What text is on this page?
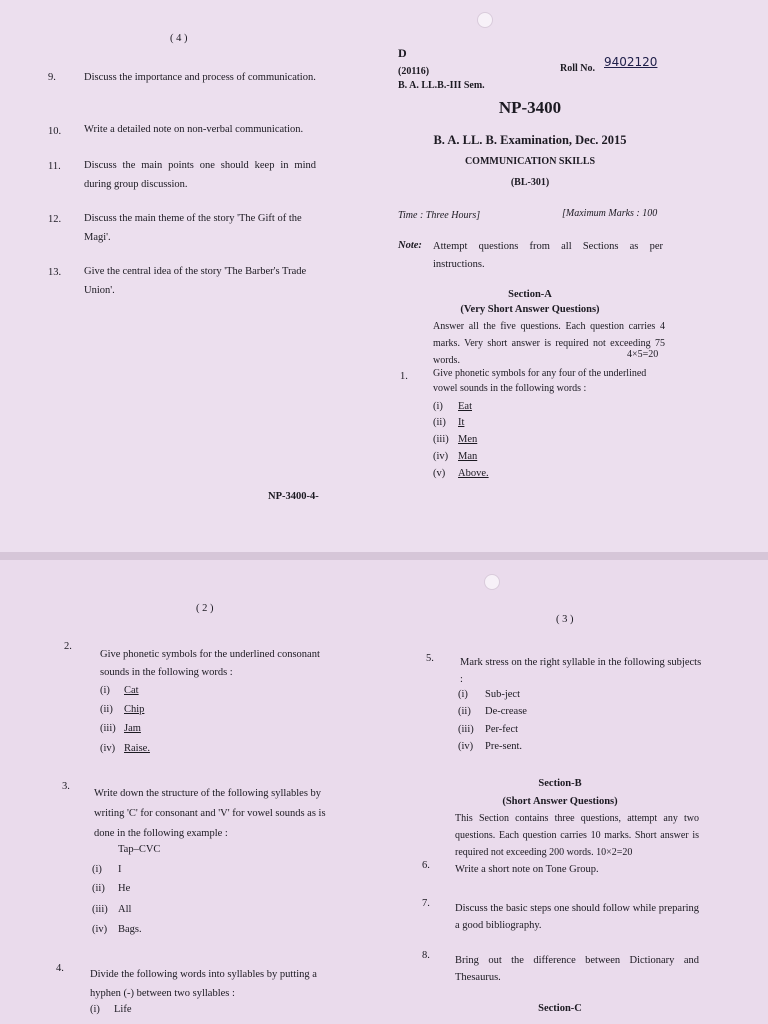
( 4 )
9.	Discuss the importance and process of communication.
10. Write a detailed note on non-verbal communication.
11. Discuss the main points one should keep in mind during group discussion.
12. Discuss the main theme of the story 'The Gift of the Magi'.
13. Give the central idea of the story 'The Barber's Trade Union'.
NP-3400-4-
D
(20116)
B. A. LL.B.-III Sem.
Roll No. 9402120
NP-3400
B. A. LL. B. Examination, Dec. 2015
COMMUNICATION SKILLS
(BL-301)
Time : Three Hours]	[Maximum Marks : 100
Note: Attempt questions from all Sections as per instructions.
Section-A
(Very Short Answer Questions)
Answer all the five questions. Each question carries 4 marks. Very short answer is required not exceeding 75 words.
4×5=20
1.	Give phonetic symbols for any four of the underlined vowel sounds in the following words :
(i) Eat
(ii) It
(iii) Men
(iv) Man
(v) Above.
( 2 )
2.
Give phonetic symbols for the underlined consonant sounds in the following words :
(i) Cat
(ii) Chip
(iii) Jam
(iv) Raise.
3.
Write down the structure of the following syllables by writing 'C' for consonant and 'V' for vowel sounds as is done in the following example :
Tap–CVC
(i) I
(ii) He
(iii) All
(iv) Bags.
4.
Divide the following words into syllables by putting a hyphen (-) between two syllables :
(i) Life
( 3 )
5. Mark stress on the right syllable in the following subjects :
(i) Sub-ject
(ii) De-crease
(iii) Per-fect
(iv) Pre-sent.
Section-B
(Short Answer Questions)
This Section contains three questions, attempt any two questions. Each question carries 10 marks. Short answer is required not exceeding 200 words. 10×2=20
6. Write a short note on Tone Group.
7. Discuss the basic steps one should follow while preparing a good bibliography.
8. Bring out the difference between Dictionary and Thesaurus.
Section-C
